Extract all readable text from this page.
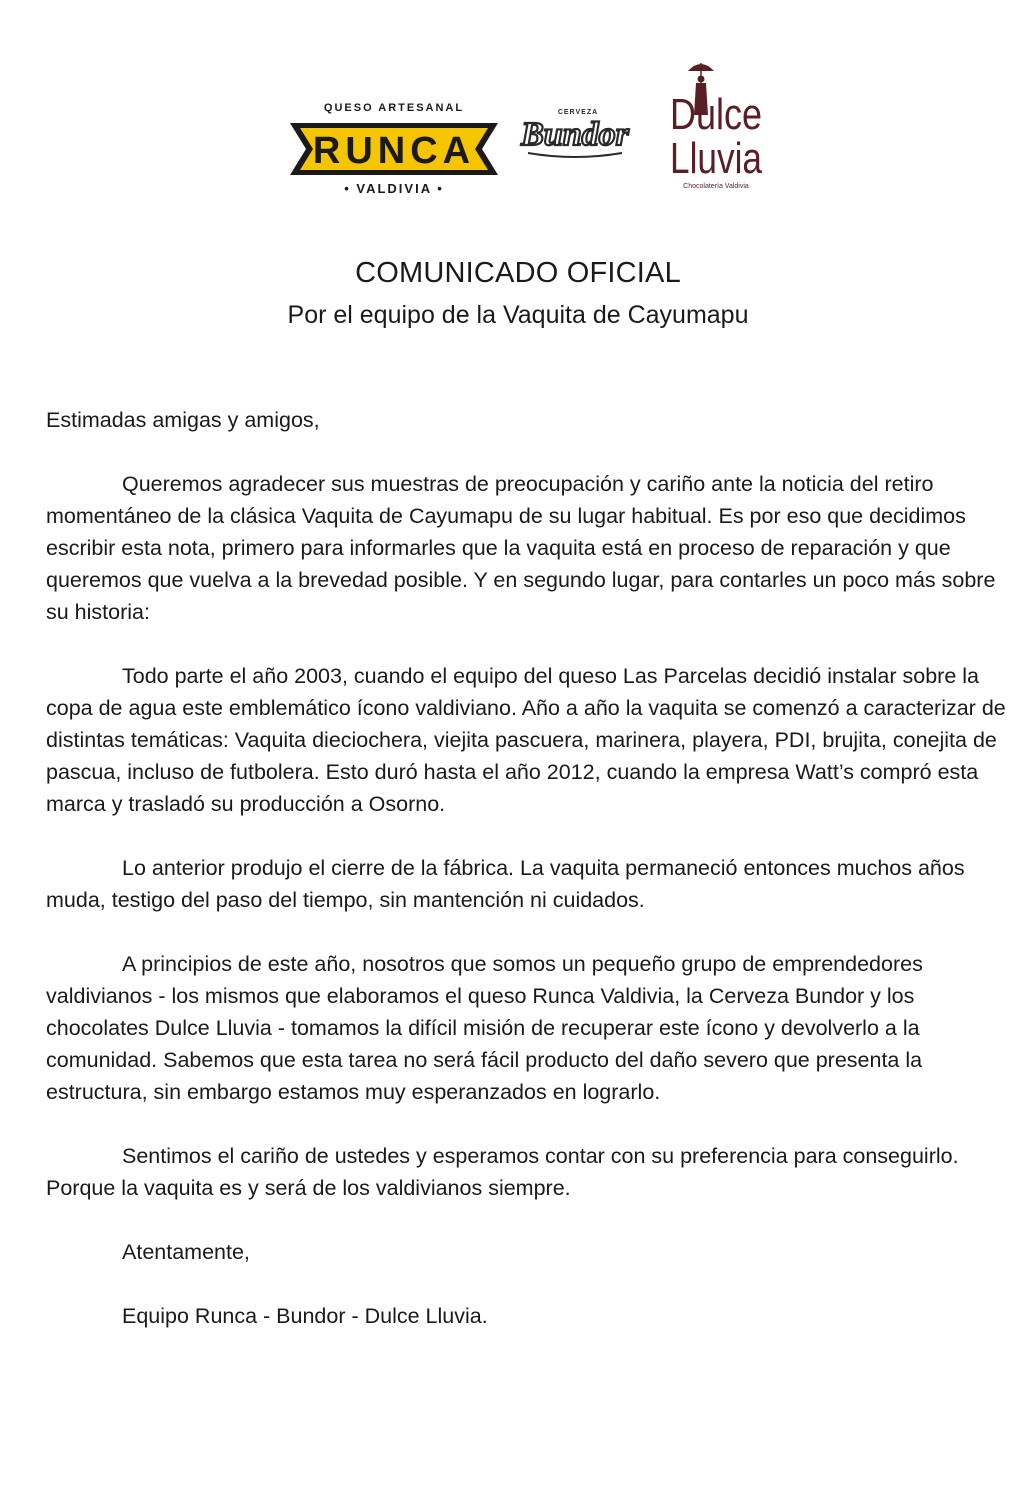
QUESO ARTESANAL
RUNCA
• VALDIVIA •
CERVEZA
Bundor Dulce
Lluvia
Chocolatería Valdivia
COMUNICADO OFICIAL
Por el equipo de la Vaquita de Cayumapu

Estimadas amigas y amigos,

Queremos agradecer sus muestras de preocupación y cariño ante la noticia del retiro momentáneo de la clásica Vaquita de Cayumapu de su lugar habitual. Es por eso que decidimos escribir esta nota, primero para informarles que la vaquita está en proceso de reparación y que queremos que vuelva a la brevedad posible. Y en segundo lugar, para contarles un poco más sobre su historia:

Todo parte el año 2003, cuando el equipo del queso Las Parcelas decidió instalar sobre la copa de agua este emblemático ícono valdiviano. Año a año la vaquita se comenzó a caracterizar de distintas temáticas: Vaquita dieciochera, viejita pascuera, marinera, playera, PDI, brujita, conejita de pascua, incluso de futbolera. Esto duró hasta el año 2012, cuando la empresa Watt’s compró esta marca y trasladó su producción a Osorno.

Lo anterior produjo el cierre de la fábrica. La vaquita permaneció entonces muchos años muda, testigo del paso del tiempo, sin mantención ni cuidados.

A principios de este año, nosotros que somos un pequeño grupo de emprendedores valdivianos - los mismos que elaboramos el queso Runca Valdivia, la Cerveza Bundor y los chocolates Dulce Lluvia - tomamos la difícil misión de recuperar este ícono y devolverlo a la comunidad. Sabemos que esta tarea no será fácil producto del daño severo que presenta la estructura, sin embargo estamos muy esperanzados en lograrlo.

Sentimos el cariño de ustedes y esperamos contar con su preferencia para conseguirlo. Porque la vaquita es y será de los valdivianos siempre.

Atentamente,

Equipo Runca - Bundor - Dulce Lluvia.
